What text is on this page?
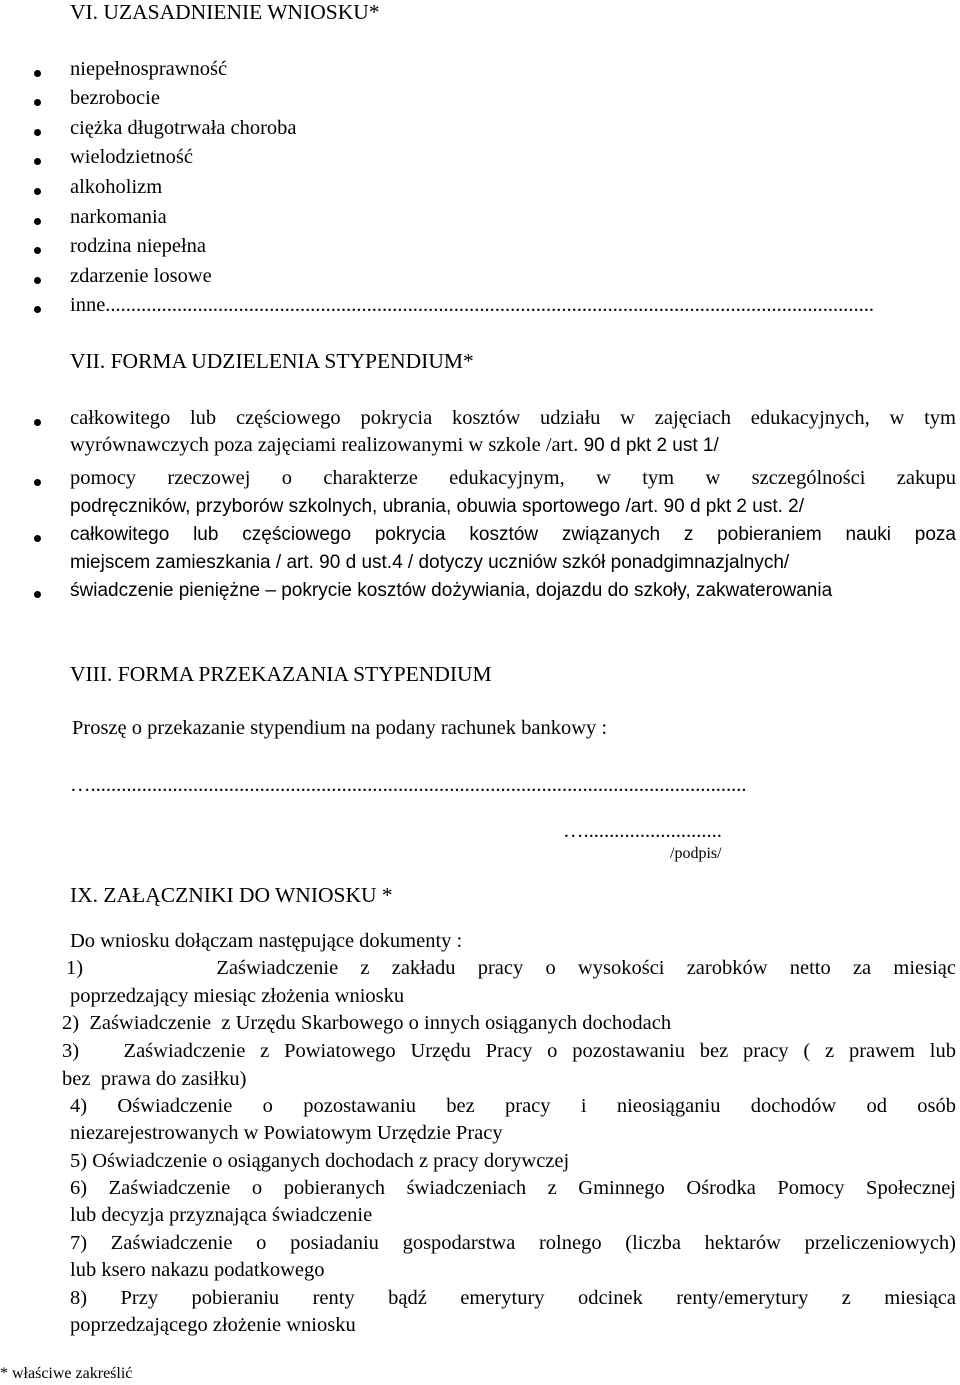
VI. UZASADNIENIE WNIOSKU*
niepełnosprawność
bezrobocie
ciężka długotrwała choroba
wielodzietność
alkoholizm
narkomania
rodzina niepełna
zdarzenie losowe
inne......................................................................................................................................................
VII. FORMA UDZIELENIA STYPENDIUM*
całkowitego lub częściowego pokrycia kosztów udziału w zajęciach edukacyjnych, w tym
wyrównawczych poza zajęciami realizowanymi w szkole /art. 90 d pkt 2 ust 1/
pomocy rzeczowej o charakterze edukacyjnym, w tym w szczególności zakupu
podręczników, przyborów szkolnych, ubrania, obuwia sportowego /art. 90 d pkt 2 ust. 2/
całkowitego lub częściowego pokrycia kosztów związanych z pobieraniem nauki poza
miejscem zamieszkania / art. 90 d ust.4 / dotyczy uczniów szkół ponadgimnazjalnych/
świadczenie pieniężne – pokrycie kosztów dożywiania, dojazdu do szkoły, zakwaterowania
VIII. FORMA PRZEKAZANIA STYPENDIUM
Proszę o przekazanie stypendium na podany rachunek bankowy :
…................................................................................................................................
…...........................
/podpis/
IX. ZAŁĄCZNIKI DO WNIOSKU *
Do wniosku dołączam następujące dokumenty :
1)      Zaświadczenie z zakładu pracy o wysokości zarobków netto za miesiąc
poprzedzający miesiąc złożenia wniosku
2)  Zaświadczenie  z Urzędu Skarbowego o innych osiąganych dochodach
3)   Zaświadczenie z Powiatowego Urzędu Pracy o pozostawaniu bez pracy ( z prawem lub
bez  prawa do zasiłku)
4) Oświadczenie o pozostawaniu bez pracy i nieosiąganiu dochodów od osób
niezarejestrowanych w Powiatowym Urzędzie Pracy
5) Oświadczenie o osiąganych dochodach z pracy dorywczej
6) Zaświadczenie o pobieranych świadczeniach z Gminnego Ośrodka Pomocy Społecznej
lub decyzja przyznająca świadczenie
7) Zaświadczenie o posiadaniu gospodarstwa rolnego (liczba hektarów przeliczeniowych)
lub ksero nakazu podatkowego
8) Przy pobieraniu renty bądź emerytury odcinek renty/emerytury z miesiąca
poprzedzającego złożenie wniosku
* właściwe zakreślić
